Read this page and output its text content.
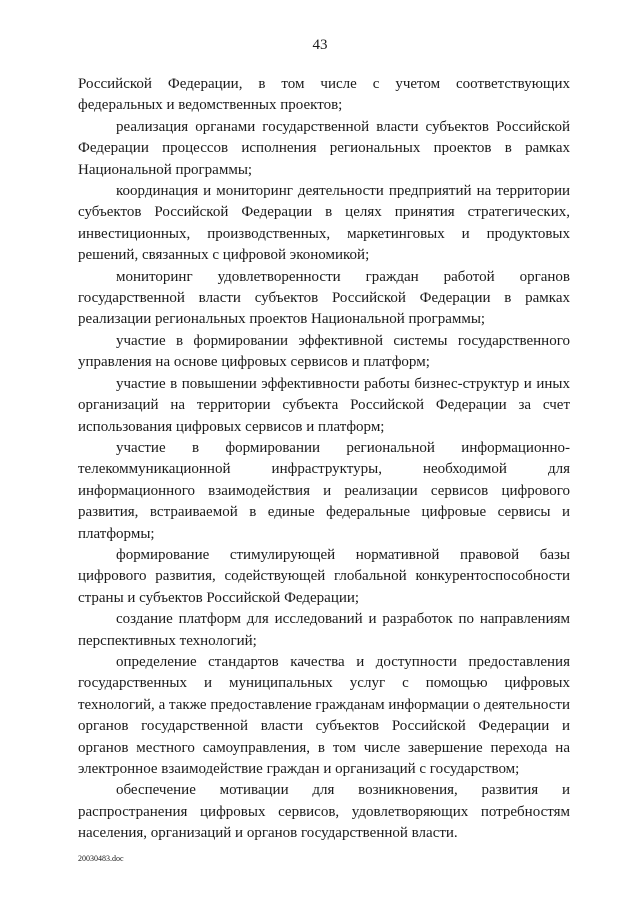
43

Российской Федерации, в том числе с учетом соответствующих федеральных и ведомственных проектов;

реализация органами государственной власти субъектов Российской Федерации процессов исполнения региональных проектов в рамках Национальной программы;

координация и мониторинг деятельности предприятий на территории субъектов Российской Федерации в целях принятия стратегических, инвестиционных, производственных, маркетинговых и продуктовых решений, связанных с цифровой экономикой;

мониторинг удовлетворенности граждан работой органов государственной власти субъектов Российской Федерации в рамках реализации региональных проектов Национальной программы;

участие в формировании эффективной системы государственного управления на основе цифровых сервисов и платформ;

участие в повышении эффективности работы бизнес-структур и иных организаций на территории субъекта Российской Федерации за счет использования цифровых сервисов и платформ;

участие в формировании региональной информационно-телекоммуникационной инфраструктуры, необходимой для информационного взаимодействия и реализации сервисов цифрового развития, встраиваемой в единые федеральные цифровые сервисы и платформы;

формирование стимулирующей нормативной правовой базы цифрового развития, содействующей глобальной конкурентоспособности страны и субъектов Российской Федерации;

создание платформ для исследований и разработок по направлениям перспективных технологий;

определение стандартов качества и доступности предоставления государственных и муниципальных услуг с помощью цифровых технологий, а также предоставление гражданам информации о деятельности органов государственной власти субъектов Российской Федерации и органов местного самоуправления, в том числе завершение перехода на электронное взаимодействие граждан и организаций с государством;

обеспечение мотивации для возникновения, развития и распространения цифровых сервисов, удовлетворяющих потребностям населения, организаций и органов государственной власти.

20030483.doc
